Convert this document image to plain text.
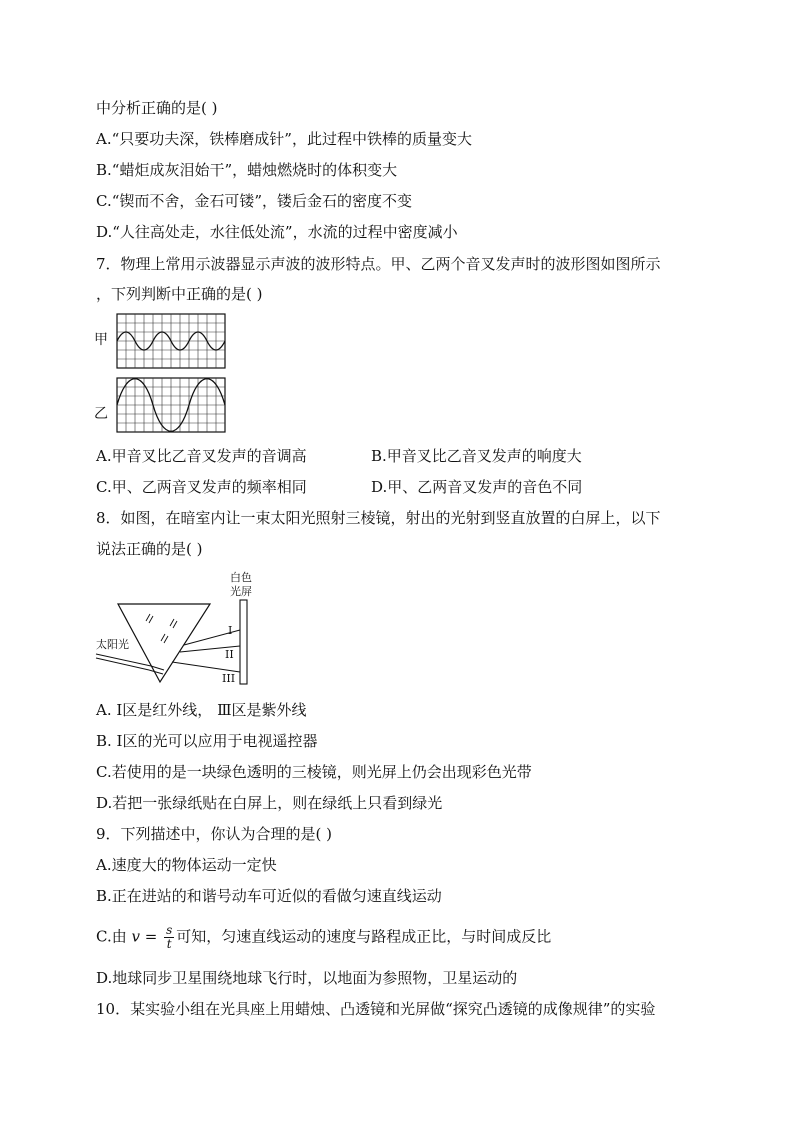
中分析正确的是( )
A.“只要功夫深，铁棒磨成针”，此过程中铁棒的质量变大
B.“蜡炬成灰泪始干”，蜡烛燃烧时的体积变大
C.“锲而不舍，金石可镂”，镂后金石的密度不变
D.“人往高处走，水往低处流”，水流的过程中密度减小
7．物理上常用示波器显示声波的波形特点。甲、乙两个音叉发声时的波形图如图所示
，下列判断中正确的是( )
甲
乙
A.甲音叉比乙音叉发声的音调高	B.甲音叉比乙音叉发声的响度大
C.甲、乙两音叉发声的频率相同	D.甲、乙两音叉发声的音色不同
8．如图，在暗室内让一束太阳光照射三棱镜，射出的光射到竖直放置的白屏上，以下
说法正确的是( )
白色
光屏
太阳光
I
II
III
A. Ⅰ区是红外线， Ⅲ区是紫外线
B. Ⅰ区的光可以应用于电视遥控器
C.若使用的是一块绿色透明的三棱镜，则光屏上仍会出现彩色光带
D.若把一张绿纸贴在白屏上，则在绿纸上只看到绿光
9．下列描述中，你认为合理的是( )
A.速度大的物体运动一定快
B.正在进站的和谐号动车可近似的看做匀速直线运动
C.由 $v = \frac{s}{t}$ 可知，匀速直线运动的速度与路程成正比，与时间成反比
D.地球同步卫星围绕地球飞行时，以地面为参照物，卫星运动的
10．某实验小组在光具座上用蜡烛、凸透镜和光屏做“探究凸透镜的成像规律”的实验
